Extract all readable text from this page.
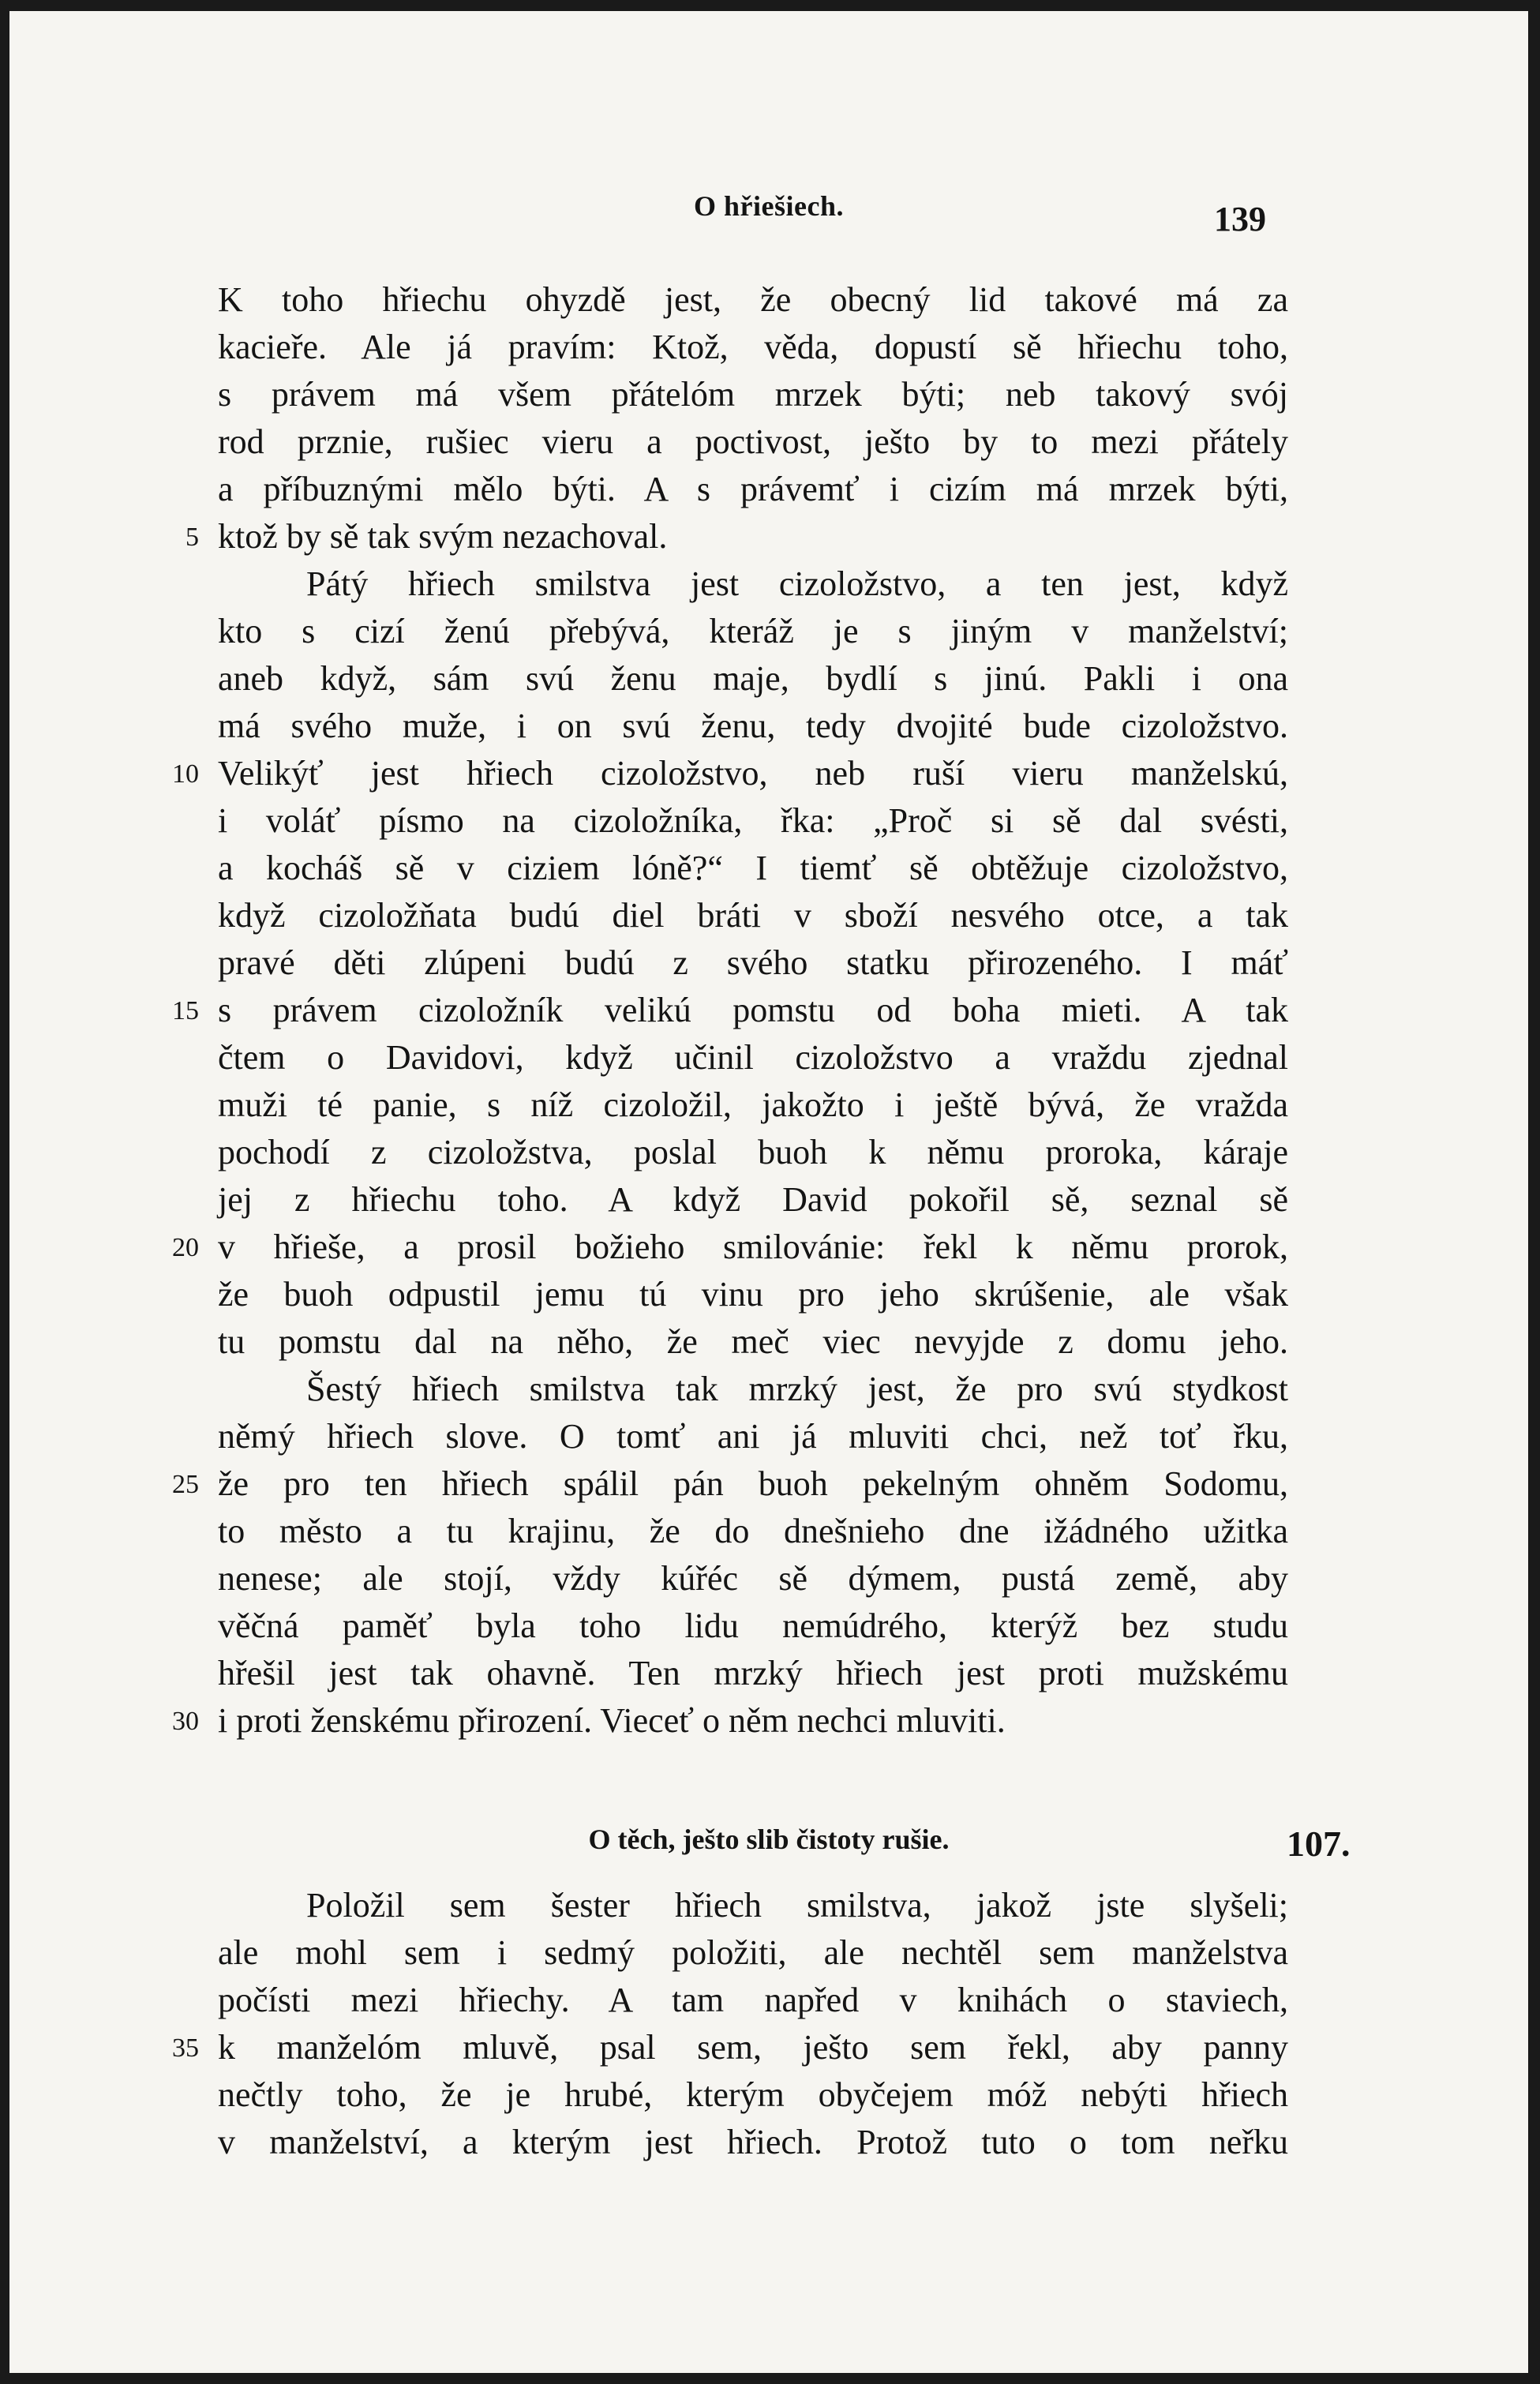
O hřiešiech.	139
K toho hřiechu ohyzdě jest, že obecný lid takové má za
kacieře. Ale já pravím: Ktož, věda, dopustí sě hřiechu toho,
s právem má všem přátelóm mrzek býti; neb takový svój
rod prznie, rušiec vieru a poctivost, ješto by to mezi přátely
a příbuznými mělo býti. A s právemť i cizím má mrzek býti,
5 ktož by sě tak svým nezachoval.
Pátý hřiech smilstva jest cizoložstvo, a ten jest, když
kto s cizí ženú přebývá, kteráž je s jiným v manželství;
aneb když, sám svú ženu maje, bydlí s jinú. Pakli i ona
má svého muže, i on svú ženu, tedy dvojité bude cizoložstvo.
10 Velikýť jest hřiech cizoložstvo, neb ruší vieru manželskú,
i voláť písmo na cizoložníka, řka: „Proč si sě dal svésti,
a kocháš sě v ciziem lóně?“ I tiemť sě obtěžuje cizoložstvo,
když cizoložňata budú diel bráti v sboží nesvého otce, a tak
pravé děti zlúpeni budú z svého statku přirozeného. I máť
15 s právem cizoložník velikú pomstu od boha mieti. A tak
čtem o Davidovi, když učinil cizoložstvo a vraždu zjednal
muži té panie, s níž cizoložil, jakožto i ještě bývá, že vražda
pochodí z cizoložstva, poslal buoh k němu proroka, káraje
jej z hřiechu toho. A když David pokořil sě, seznal sě
20 v hřieše, a prosil božieho smilovánie: řekl k němu prorok,
že buoh odpustil jemu tú vinu pro jeho skrúšenie, ale však
tu pomstu dal na něho, že meč viec nevyjde z domu jeho.
Šestý hřiech smilstva tak mrzký jest, že pro svú stydkost
němý hřiech slove. O tomť ani já mluviti chci, než toť řku,
25 že pro ten hřiech spálil pán buoh pekelným ohněm Sodomu,
to město a tu krajinu, že do dnešnieho dne ižádného užitka
nenese; ale stojí, vždy kúřéc sě dýmem, pustá země, aby
věčná paměť byla toho lidu nemúdrého, kterýž bez studu
hřešil jest tak ohavně. Ten mrzký hřiech jest proti mužskému
30 i proti ženskému přirození. Vieceť o něm nechci mluviti.
O těch, ješto slib čistoty rušie.	107.
Položil sem šester hřiech smilstva, jakož jste slyšeli;
ale mohl sem i sedmý položiti, ale nechtěl sem manželstva
počísti mezi hřiechy. A tam napřed v knihách o staviech,
35 k manželóm mluvě, psal sem, ješto sem řekl, aby panny
nečtly toho, že je hrubé, kterým obyčejem móž nebýti hřiech
v manželství, a kterým jest hřiech. Protož tuto o tom neřku
